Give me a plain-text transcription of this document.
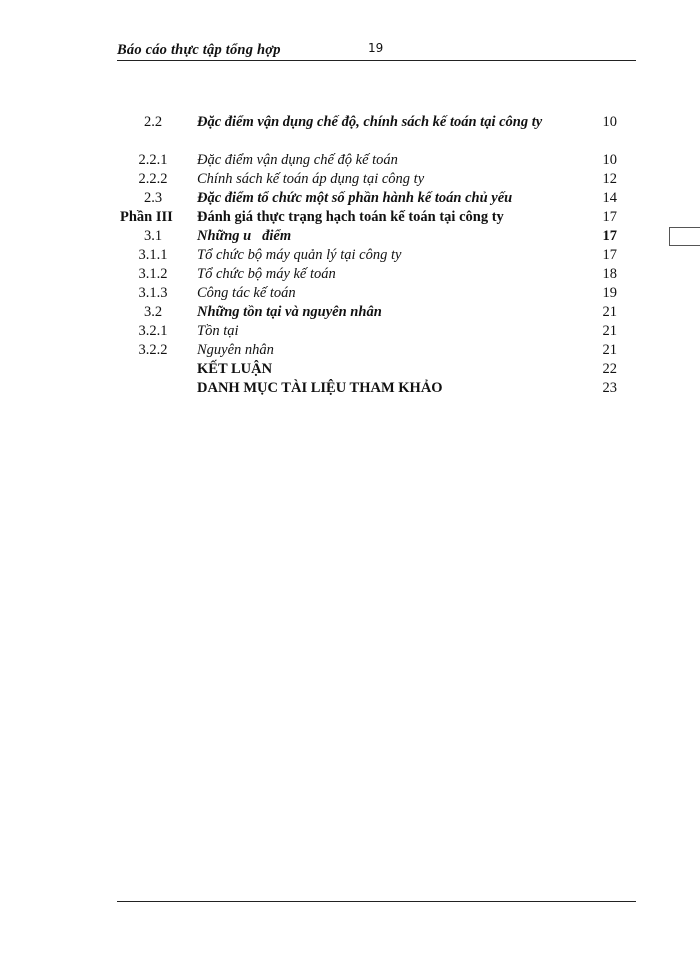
Báo cáo thực tập tổng hợp	19
2.2	Đặc điểm vận dụng chế độ, chính sách kế toán tại công ty	10
2.2.1	Đặc điểm vận dụng chế độ kế toán	10
2.2.2	Chính sách kế toán áp dụng tại công ty	12
2.3	Đặc điểm tổ chức một số phần hành kế toán chủ yếu	14
Phần III	Đánh giá thực trạng hạch toán kế toán tại công ty	17
3.1	Những u   điểm	17
3.1.1	Tổ chức bộ máy quản lý tại công ty	17
3.1.2	Tổ chức bộ máy kế toán	18
3.1.3	Công tác kế toán	19
3.2	Những tồn tại và nguyên nhân	21
3.2.1	Tồn tại	21
3.2.2	Nguyên nhân	21
KẾT LUẬN	22
DANH MỤC TÀI LIỆU THAM KHẢO	23
